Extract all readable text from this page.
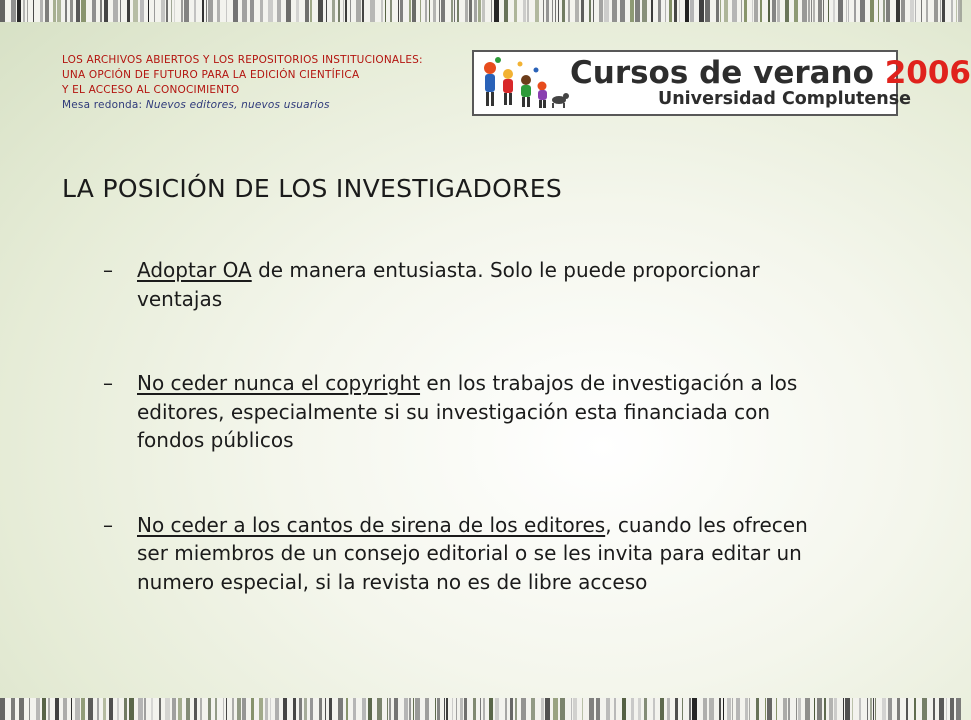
LOS ARCHIVOS ABIERTOS Y LOS REPOSITORIOS INSTITUCIONALES:
UNA OPCIÓN DE FUTURO PARA LA EDICIÓN CIENTÍFICA
Y EL ACCESO AL CONOCIMIENTO
Mesa redonda: Nuevos editores, nuevos usuarios
Cursos de verano 2006
Universidad Complutense
LA POSICIÓN DE LOS INVESTIGADORES
– Adoptar OA de manera entusiasta. Solo le puede proporcionar ventajas
– No ceder nunca el copyright en los trabajos de investigación a los editores, especialmente si su investigación esta financiada con fondos públicos
– No ceder a los cantos de sirena de los editores, cuando les ofrecen ser miembros de un consejo editorial o se les invita para editar un numero especial, si la revista no es de libre acceso
